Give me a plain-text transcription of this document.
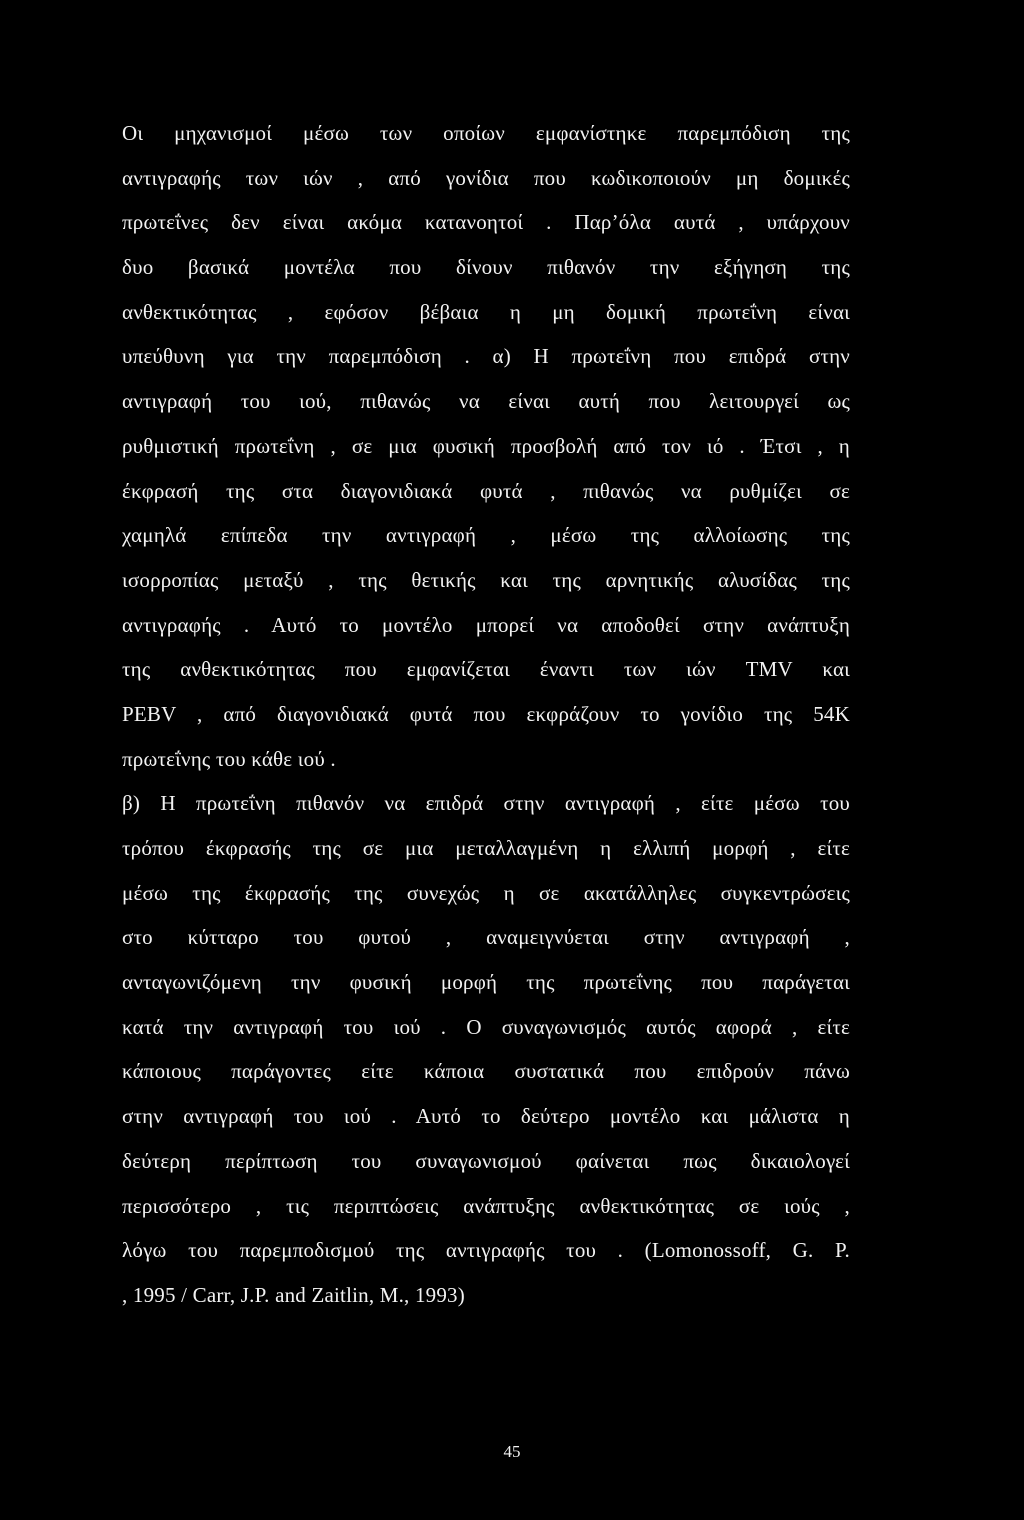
Οι μηχανισμοί μέσω των οποίων εμφανίστηκε παρεμπόδιση της
αντιγραφής των ιών , από γονίδια που κωδικοποιούν μη δομικές
πρωτεΐνες δεν είναι ακόμα κατανοητοί . Παρ’όλα αυτά , υπάρχουν
δυο βασικά μοντέλα που δίνουν πιθανόν την εξήγηση της
ανθεκτικότητας , εφόσον βέβαια η μη δομική πρωτεΐνη είναι
υπεύθυνη για την παρεμπόδιση . α) Η πρωτεΐνη που επιδρά στην
αντιγραφή του ιού, πιθανώς να είναι αυτή που λειτουργεί ως
ρυθμιστική πρωτεΐνη , σε μια φυσική προσβολή από τον ιό . Έτσι , η
έκφρασή της στα διαγονιδιακά φυτά , πιθανώς να ρυθμίζει σε
χαμηλά επίπεδα την αντιγραφή , μέσω της αλλοίωσης της
ισορροπίας μεταξύ , της θετικής και της αρνητικής αλυσίδας της
αντιγραφής . Αυτό το μοντέλο μπορεί να αποδοθεί στην ανάπτυξη
της ανθεκτικότητας που εμφανίζεται έναντι των ιών TMV και
PEBV , από διαγονιδιακά φυτά που εκφράζουν το γονίδιο της 54K
πρωτεΐνης του κάθε ιού .
β) Η πρωτεΐνη πιθανόν να επιδρά στην αντιγραφή , είτε μέσω του
τρόπου έκφρασής της σε μια μεταλλαγμένη η ελλιπή μορφή , είτε
μέσω της έκφρασής της συνεχώς η σε ακατάλληλες συγκεντρώσεις
στο κύτταρο του φυτού , αναμειγνύεται στην αντιγραφή ,
ανταγωνιζόμενη την φυσική μορφή της πρωτεΐνης που παράγεται
κατά την αντιγραφή του ιού . Ο συναγωνισμός αυτός αφορά , είτε
κάποιους παράγοντες είτε κάποια συστατικά που επιδρούν πάνω
στην αντιγραφή του ιού . Αυτό το δεύτερο μοντέλο και μάλιστα η
δεύτερη περίπτωση του συναγωνισμού φαίνεται πως δικαιολογεί
περισσότερο , τις περιπτώσεις ανάπτυξης ανθεκτικότητας σε ιούς ,
λόγω του παρεμποδισμού της αντιγραφής του . (Lomonossoff, G. P.
, 1995 / Carr, J.P. and Zaitlin, M., 1993)
45
